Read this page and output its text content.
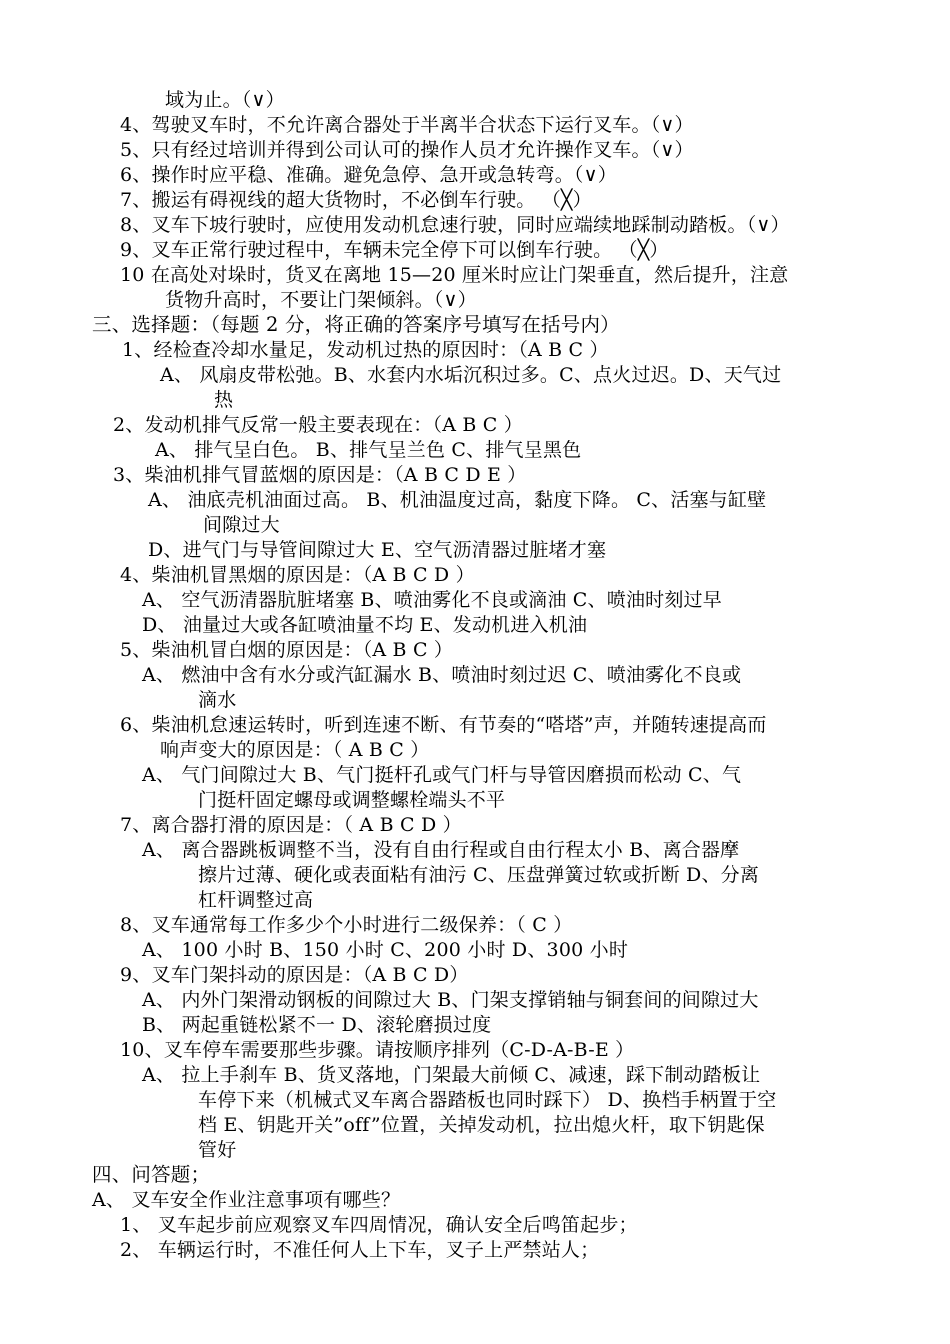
域为止。（∨）
4、驾驶叉车时，不允许离合器处于半离半合状态下运行叉车。（∨）
5、只有经过培训并得到公司认可的操作人员才允许操作叉车。（∨）
6、操作时应平稳、准确。避免急停、急开或急转弯。（∨）
7、搬运有碍视线的超大货物时，不必倒车行驶。 （╳）
8、叉车下坡行驶时，应使用发动机怠速行驶，同时应端续地踩制动踏板。（∨）
9、叉车正常行驶过程中，车辆未完全停下可以倒车行驶。 （╳）
10 在高处对垛时，货叉在离地 15—20 厘米时应让门架垂直，然后提升，注意
货物升高时，不要让门架倾斜。（∨）
三、选择题：（每题 2 分，将正确的答案序号填写在括号内）
1、经检查冷却水量足，发动机过热的原因时：（A B C ）
A、 风扇皮带松弛。B、水套内水垢沉积过多。C、点火过迟。D、天气过
热
2、发动机排气反常一般主要表现在：（A B C ）
A、 排气呈白色。 B、排气呈兰色 C、排气呈黑色
3、柴油机排气冒蓝烟的原因是：（A B C D E ）
A、 油底壳机油面过高。 B、机油温度过高，黏度下降。 C、活塞与缸壁
间隙过大
D、进气门与导管间隙过大 E、空气沥清器过脏堵才塞
4、柴油机冒黑烟的原因是：（A B C D ）
A、 空气沥清器肮脏堵塞 B、喷油雾化不良或滴油 C、喷油时刻过早
D、 油量过大或各缸喷油量不均 E、发动机进入机油
5、柴油机冒白烟的原因是：（A B C ）
A、 燃油中含有水分或汽缸漏水 B、喷油时刻过迟 C、喷油雾化不良或
滴水
6、柴油机怠速运转时，听到连速不断、有节奏的“嗒塔”声，并随转速提高而
响声变大的原因是：（ A B C ）
A、 气门间隙过大 B、气门挺杆孔或气门杆与导管因磨损而松动 C、气
门挺杆固定螺母或调整螺栓端头不平
7、离合器打滑的原因是：（ A B C D ）
A、 离合器跳板调整不当，没有自由行程或自由行程太小 B、离合器摩
擦片过薄、硬化或表面粘有油污 C、压盘弹簧过软或折断 D、分离
杠杆调整过高
8、叉车通常每工作多少个小时进行二级保养：（ C ）
A、 100 小时 B、150 小时 C、200 小时 D、300 小时
9、叉车门架抖动的原因是：（A B C D）
A、 内外门架滑动钢板的间隙过大 B、门架支撑销轴与铜套间的间隙过大
B、 两起重链松紧不一 D、滚轮磨损过度
10、叉车停车需要那些步骤。请按顺序排列（C-D-A-B-E ）
A、 拉上手刹车 B、货叉落地，门架最大前倾 C、减速，踩下制动踏板让
车停下来（机械式叉车离合器踏板也同时踩下） D、换档手柄置于空
档 E、钥匙开关”off”位置，关掉发动机，拉出熄火杆，取下钥匙保
管好
四、问答题；
A、 叉车安全作业注意事项有哪些？
1、 叉车起步前应观察叉车四周情况，确认安全后鸣笛起步；
2、 车辆运行时，不准任何人上下车，叉子上严禁站人；
